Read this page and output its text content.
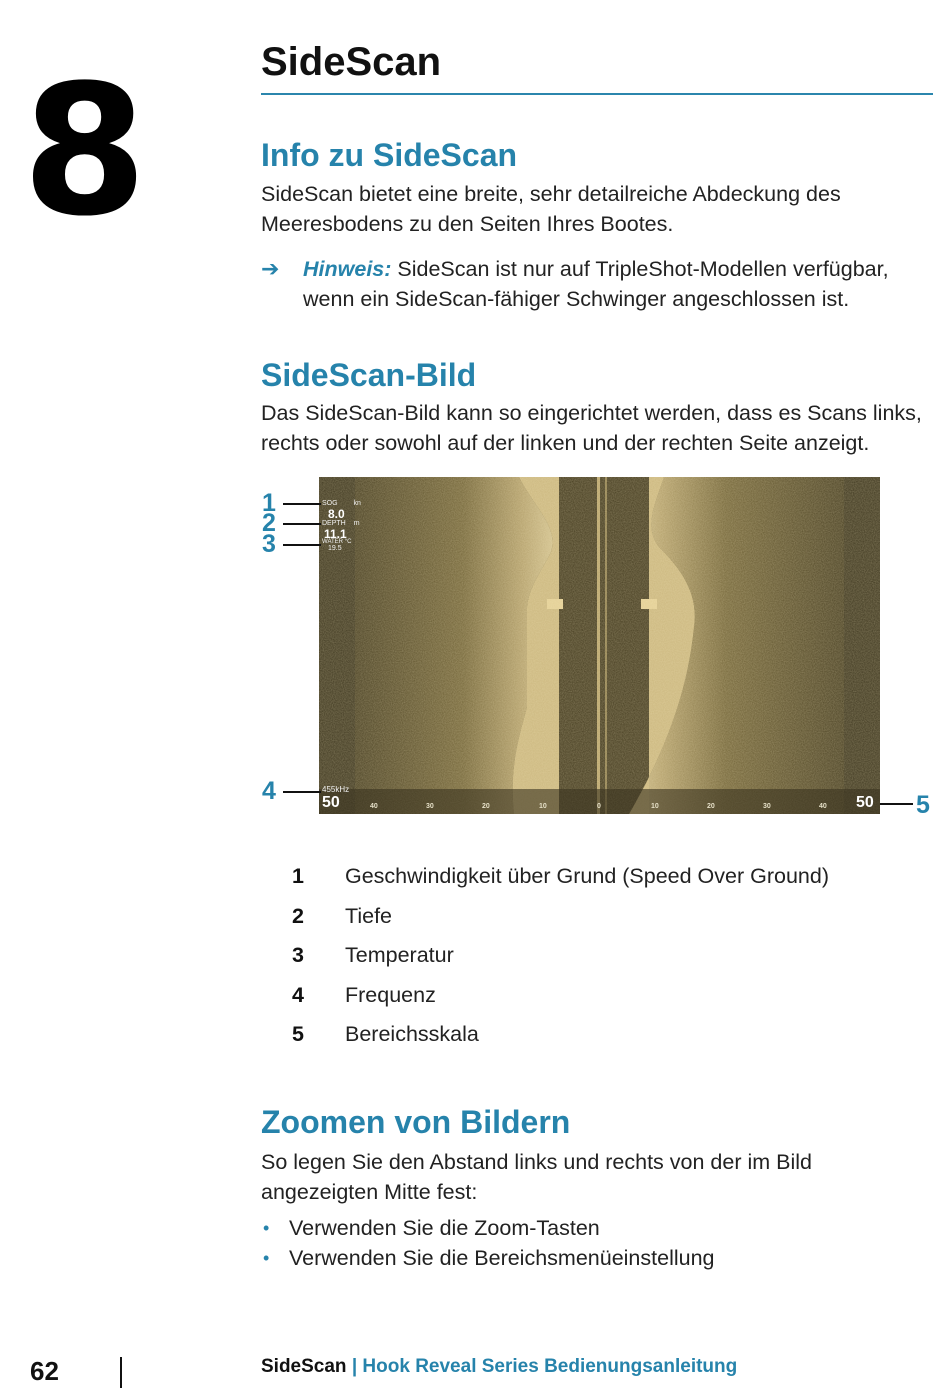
8	SideScan
Info zu SideScan
SideScan bietet eine breite, sehr detailreiche Abdeckung des Meeresbodens zu den Seiten Ihres Bootes.
➔ Hinweis: SideScan ist nur auf TripleShot-Modellen verfügbar, wenn ein SideScan-fähiger Schwinger angeschlossen ist.
SideScan-Bild
Das SideScan-Bild kann so eingerichtet werden, dass es Scans links, rechts oder sowohl auf der linken und der rechten Seite anzeigt.
SOG kn
8.0
DEPTH m
11.1
WATER °C
19.5
455kHz
50	50
40	30	20	10	0	10	20	30	40
1
2
3
4	5
1	Geschwindigkeit über Grund (Speed Over Ground)
2	Tiefe
3	Temperatur
4	Frequenz
5	Bereichsskala
Zoomen von Bildern
So legen Sie den Abstand links und rechts von der im Bild angezeigten Mitte fest:
• Verwenden Sie die Zoom-Tasten
• Verwenden Sie die Bereichsmenüeinstellung
62	SideScan | Hook Reveal Series Bedienungsanleitung
